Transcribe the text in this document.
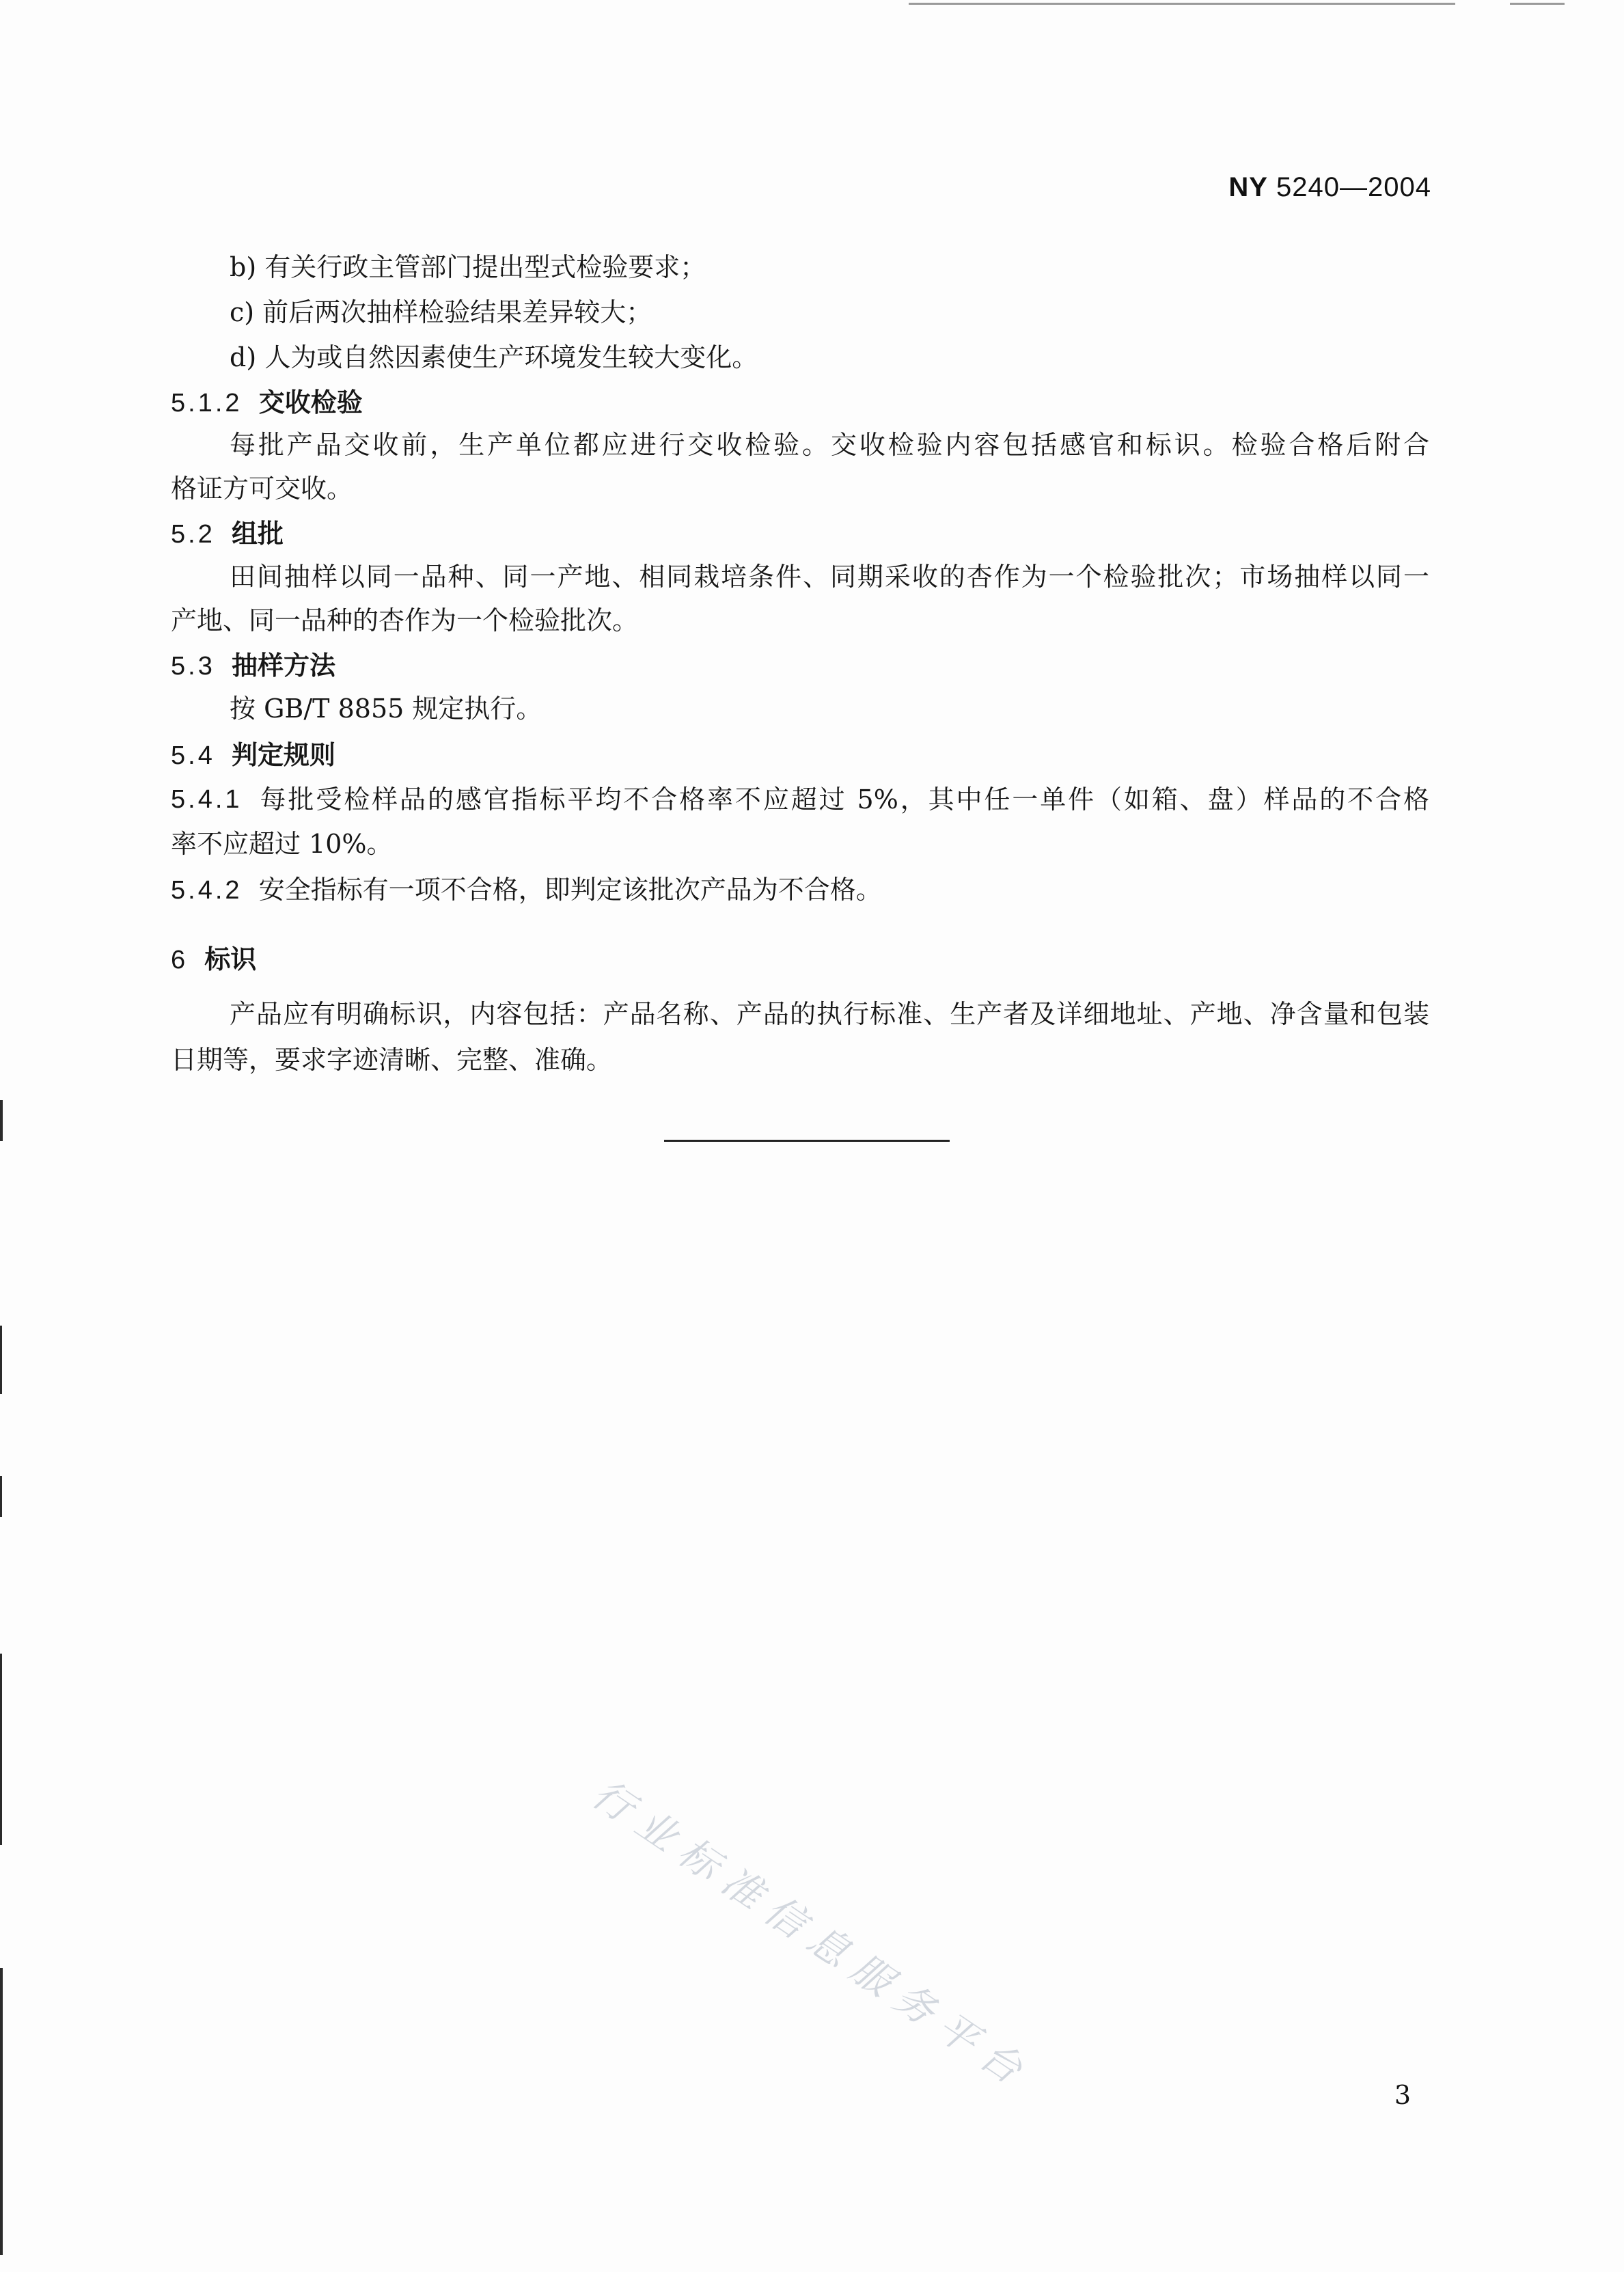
NY 5240—2004
b) 有关行政主管部门提出型式检验要求；
c) 前后两次抽样检验结果差异较大；
d) 人为或自然因素使生产环境发生较大变化。
5.1.2 交收检验
每批产品交收前，生产单位都应进行交收检验。交收检验内容包括感官和标识。检验合格后附合
格证方可交收。
5.2 组批
田间抽样以同一品种、同一产地、相同栽培条件、同期采收的杏作为一个检验批次；市场抽样以同一
产地、同一品种的杏作为一个检验批次。
5.3 抽样方法
按 GB/T 8855 规定执行。
5.4 判定规则
5.4.1 每批受检样品的感官指标平均不合格率不应超过 5%，其中任一单件（如箱、盘）样品的不合格
率不应超过 10%。
5.4.2 安全指标有一项不合格，即判定该批次产品为不合格。
6 标识
产品应有明确标识，内容包括：产品名称、产品的执行标准、生产者及详细地址、产地、净含量和包装
日期等，要求字迹清晰、完整、准确。
行业标准信息服务平台	3
